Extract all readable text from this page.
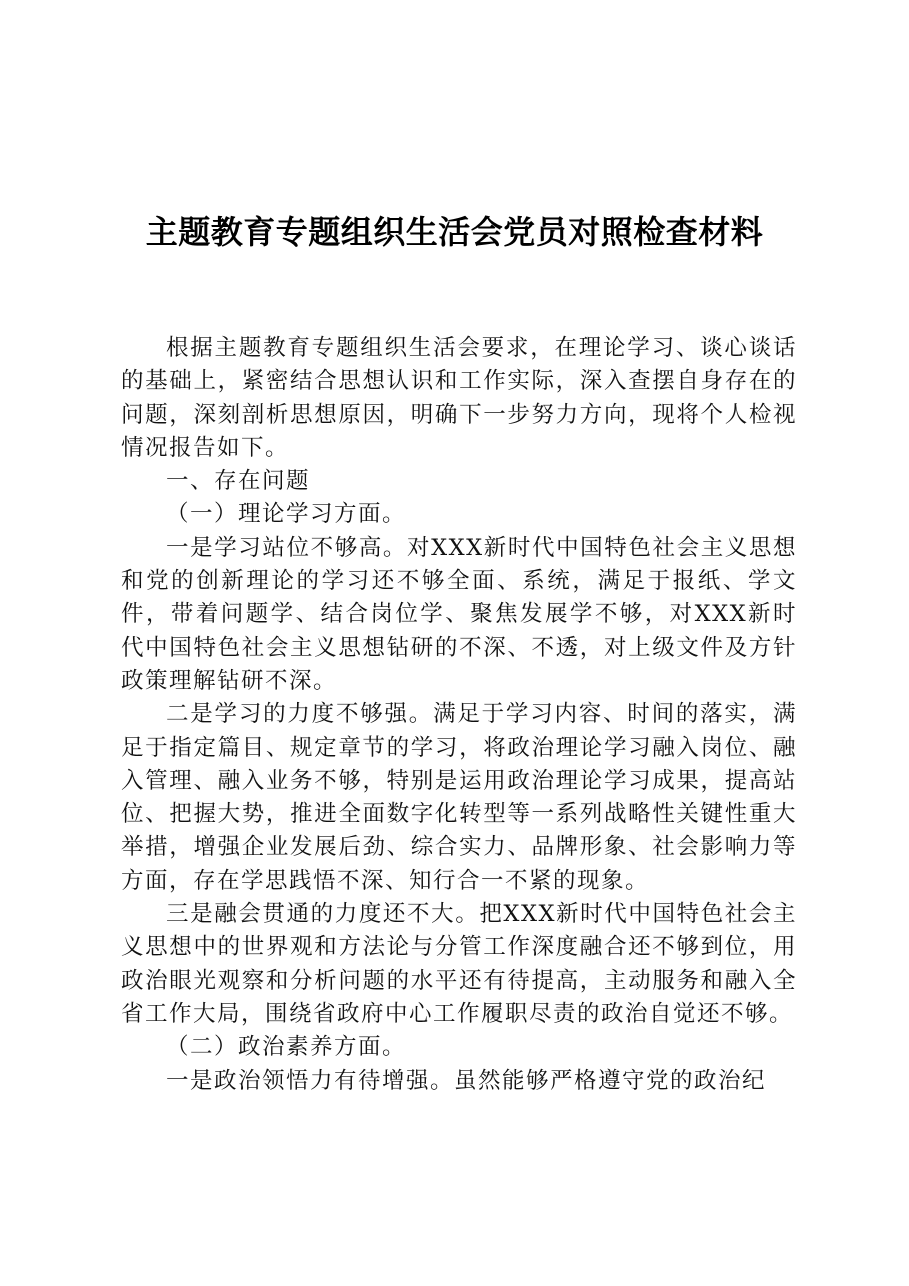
主题教育专题组织生活会党员对照检查材料

根据主题教育专题组织生活会要求，在理论学习、谈心谈话的基础上，紧密结合思想认识和工作实际，深入查摆自身存在的问题，深刻剖析思想原因，明确下一步努力方向，现将个人检视情况报告如下。

一、存在问题

（一）理论学习方面。

一是学习站位不够高。对XXX新时代中国特色社会主义思想和党的创新理论的学习还不够全面、系统，满足于报纸、学文件，带着问题学、结合岗位学、聚焦发展学不够，对XXX新时代中国特色社会主义思想钻研的不深、不透，对上级文件及方针政策理解钻研不深。

二是学习的力度不够强。满足于学习内容、时间的落实，满足于指定篇目、规定章节的学习，将政治理论学习融入岗位、融入管理、融入业务不够，特别是运用政治理论学习成果，提高站位、把握大势，推进全面数字化转型等一系列战略性关键性重大举措，增强企业发展后劲、综合实力、品牌形象、社会影响力等方面，存在学思践悟不深、知行合一不紧的现象。

三是融会贯通的力度还不大。把XXX新时代中国特色社会主义思想中的世界观和方法论与分管工作深度融合还不够到位，用政治眼光观察和分析问题的水平还有待提高，主动服务和融入全省工作大局，围绕省政府中心工作履职尽责的政治自觉还不够。

（二）政治素养方面。

一是政治领悟力有待增强。虽然能够严格遵守党的政治纪
